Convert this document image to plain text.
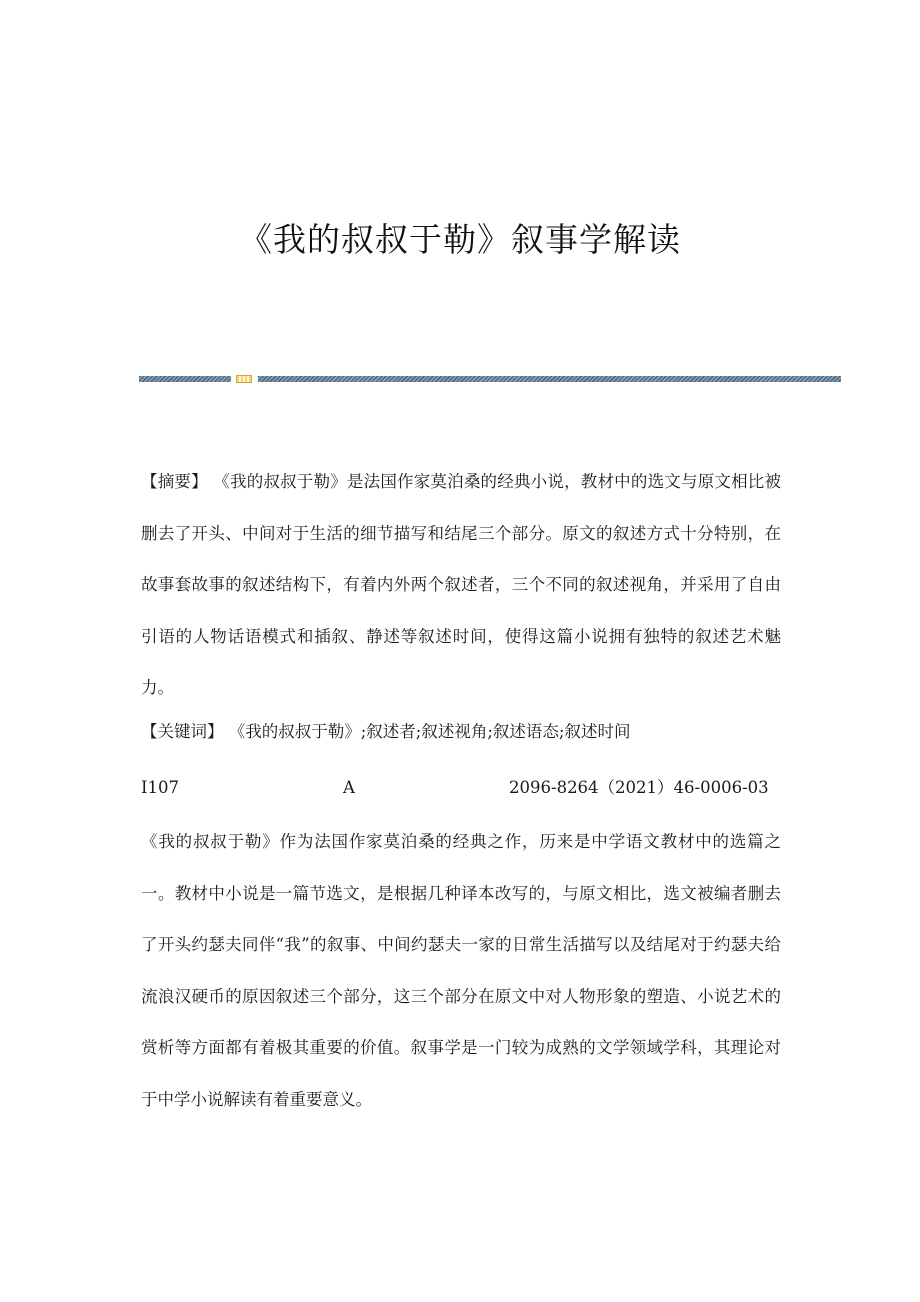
《我的叔叔于勒》叙事学解读

【摘要】 《我的叔叔于勒》是法国作家莫泊桑的经典小说，教材中的选文与原文相比被删去了开头、中间对于生活的细节描写和结尾三个部分。原文的叙述方式十分特别，在故事套故事的叙述结构下，有着内外两个叙述者，三个不同的叙述视角，并采用了自由引语的人物话语模式和插叙、静述等叙述时间，使得这篇小说拥有独特的叙述艺术魅力。

【关键词】 《我的叔叔于勒》;叙述者;叙述视角;叙述语态;叙述时间

I107	A	2096-8264（2021）46-0006-03

《我的叔叔于勒》作为法国作家莫泊桑的经典之作，历来是中学语文教材中的选篇之一。教材中小说是一篇节选文，是根据几种译本改写的，与原文相比，选文被编者删去了开头约瑟夫同伴“我”的叙事、中间约瑟夫一家的日常生活描写以及结尾对于约瑟夫给流浪汉硬币的原因叙述三个部分，这三个部分在原文中对人物形象的塑造、小说艺术的赏析等方面都有着极其重要的价值。叙事学是一门较为成熟的文学领域学科，其理论对于中学小说解读有着重要意义。
